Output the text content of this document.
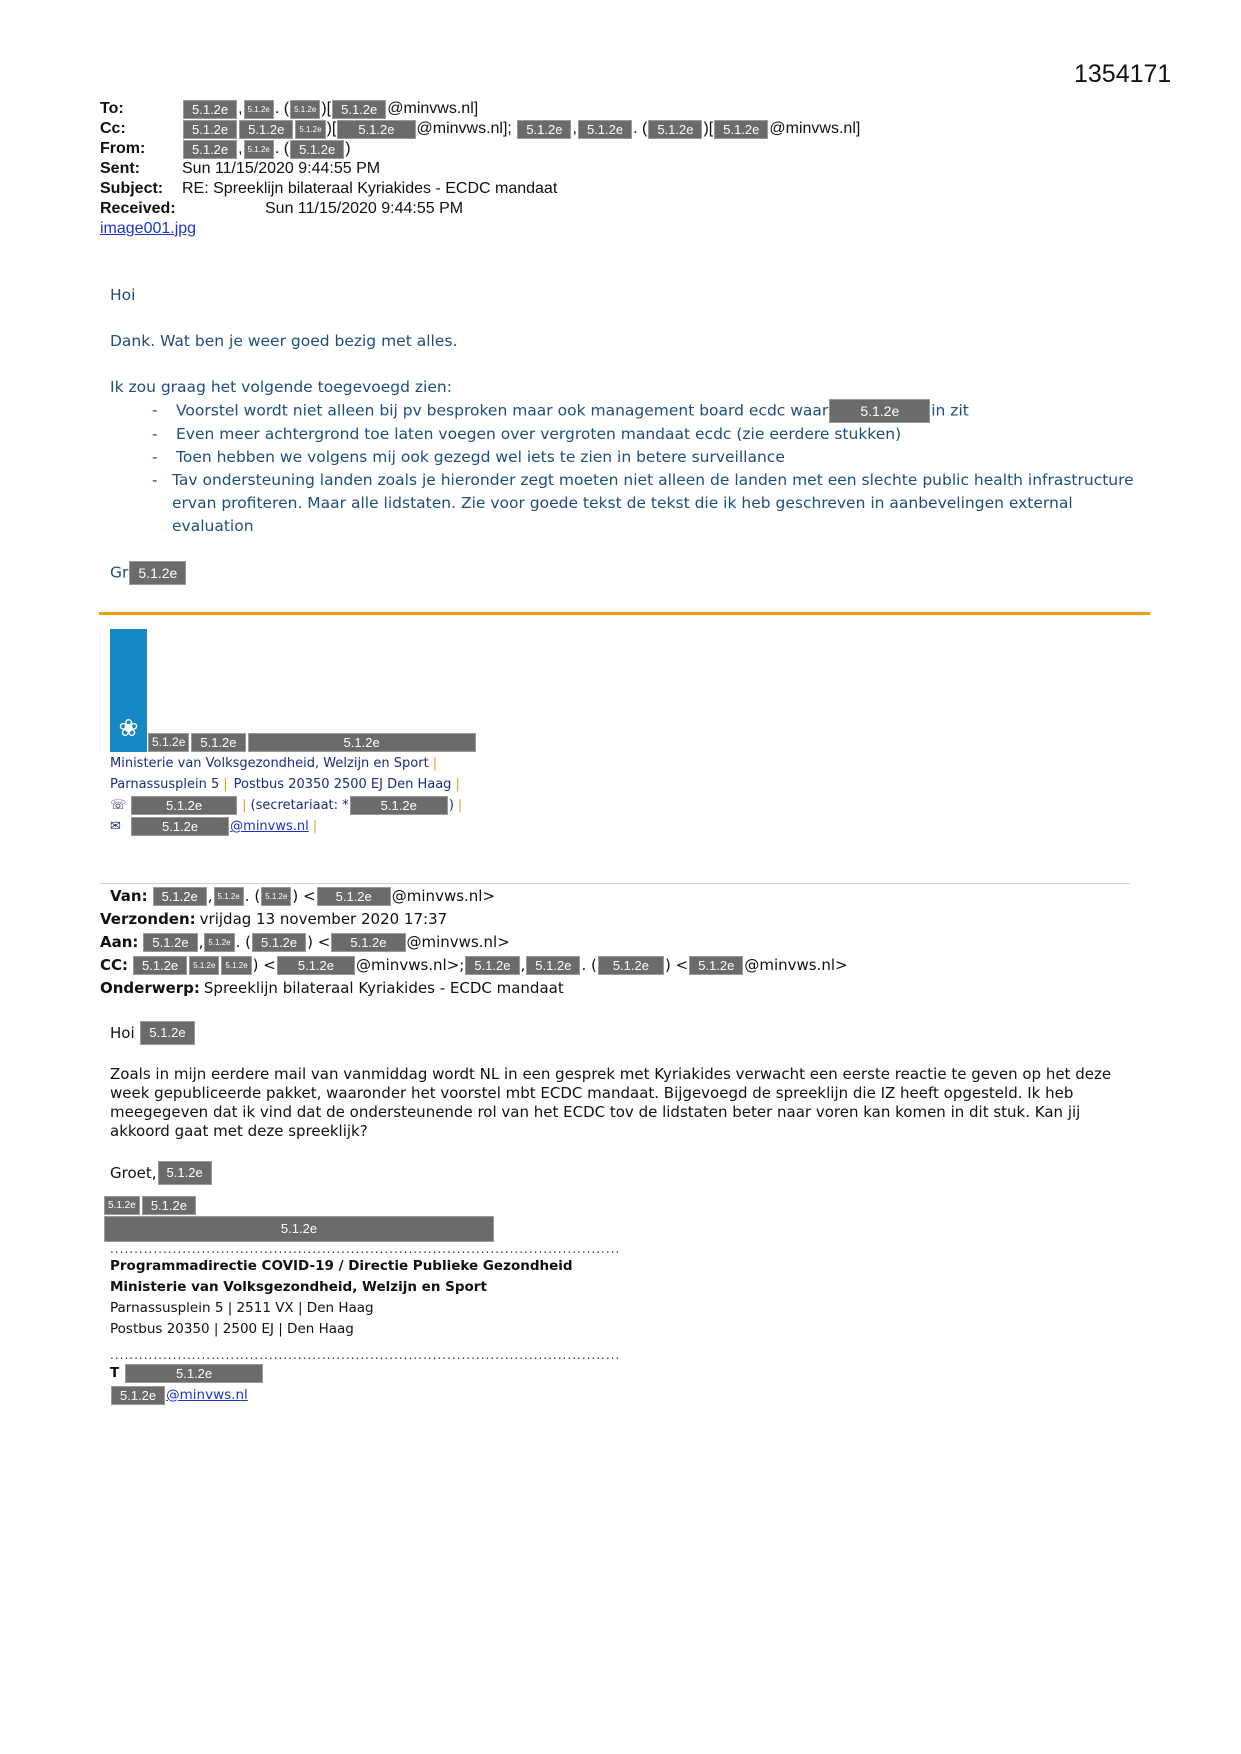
1354171
To:	5.1.2e , 5.1.2e . ( 5.1.2e )[ 5.1.2e @minvws.nl]
Cc:	5.1.2e	5.1.2e	5.1.2e )[	5.1.2e	@minvws.nl];
	5.1.2e , 5.1.2e . ( 5.1.2e )[ 5.1.2e @minvws.nl]
From:	5.1.2e , 5.1.2e . ( 5.1.2e )
Sent:	Sun 11/15/2020 9:44:55 PM
Subject:	RE: Spreeklijn bilateraal Kyriakides - ECDC mandaat
Received:	Sun 11/15/2020 9:44:55 PM
image001.jpg

Hoi

Dank. Wat ben je weer goed bezig met alles.

Ik zou graag het volgende toegevoegd zien:

- Voorstel wordt niet alleen bij pv besproken maar ook management board ecdc waar 5.1.2e in zit
- Even meer achtergrond toe laten voegen over vergroten mandaat ecdc (zie eerdere stukken)
- Toen hebben we volgens mij ook gezegd wel iets te zien in betere surveillance
- Tav ondersteuning landen zoals je hieronder zegt moeten niet alleen de landen met een slechte public health infrastructure ervan profiteren. Maar alle lidstaten. Zie voor goede tekst de tekst die ik heb geschreven in aanbevelingen external evaluation

Gr 5.1.2e

❀	5.1.2e	5.1.2e	5.1.2e
Ministerie van Volksgezondheid, Welzijn en Sport |
Parnassusplein 5 | Postbus 20350 2500 EJ Den Haag |
☏	5.1.2e	| (secretariaat: *	5.1.2e	) |
✉	5.1.2e	@minvws.nl |
Van:	5.1.2e , 5.1.2e . ( 5.1.2e ) <	5.1.2e	@minvws.nl>
Verzonden: vrijdag 13 november 2020 17:37
Aan:	5.1.2e , 5.1.2e . ( 5.1.2e ) <	5.1.2e	@minvws.nl>
CC:	5.1.2e	5.1.2e	5.1.2e ) <	5.1.2e	@minvws.nl>; 5.1.2e , 5.1.2e . (	5.1.2e	) < 5.1.2e @minvws.nl>
Onderwerp: Spreeklijn bilateraal Kyriakides - ECDC mandaat

Hoi
	5.1.2e

Zoals in mijn eerdere mail van vanmiddag wordt NL in een gesprek met Kyriakides verwacht een eerste reactie te geven op het deze week gepubliceerde pakket, waaronder het voorstel mbt ECDC mandaat. Bijgevoegd de spreeklijn die IZ heeft opgesteld. Ik heb meegegeven dat ik vind dat de ondersteunende rol van het ECDC tov de lidstaten beter naar voren kan komen in dit stuk. Kan jij akkoord gaat met deze spreeklijk?

Groet, 5.1.2e

5.1.2e	5.1.2e
5.1.2e
..........................................................................................................
Programmadirectie COVID-19 / Directie Publieke Gezondheid
Ministerie van Volksgezondheid, Welzijn en Sport
Parnassusplein 5 | 2511 VX | Den Haag
Postbus 20350 | 2500 EJ | Den Haag
..........................................................................................................
T	5.1.2e
5.1.2e @minvws.nl
